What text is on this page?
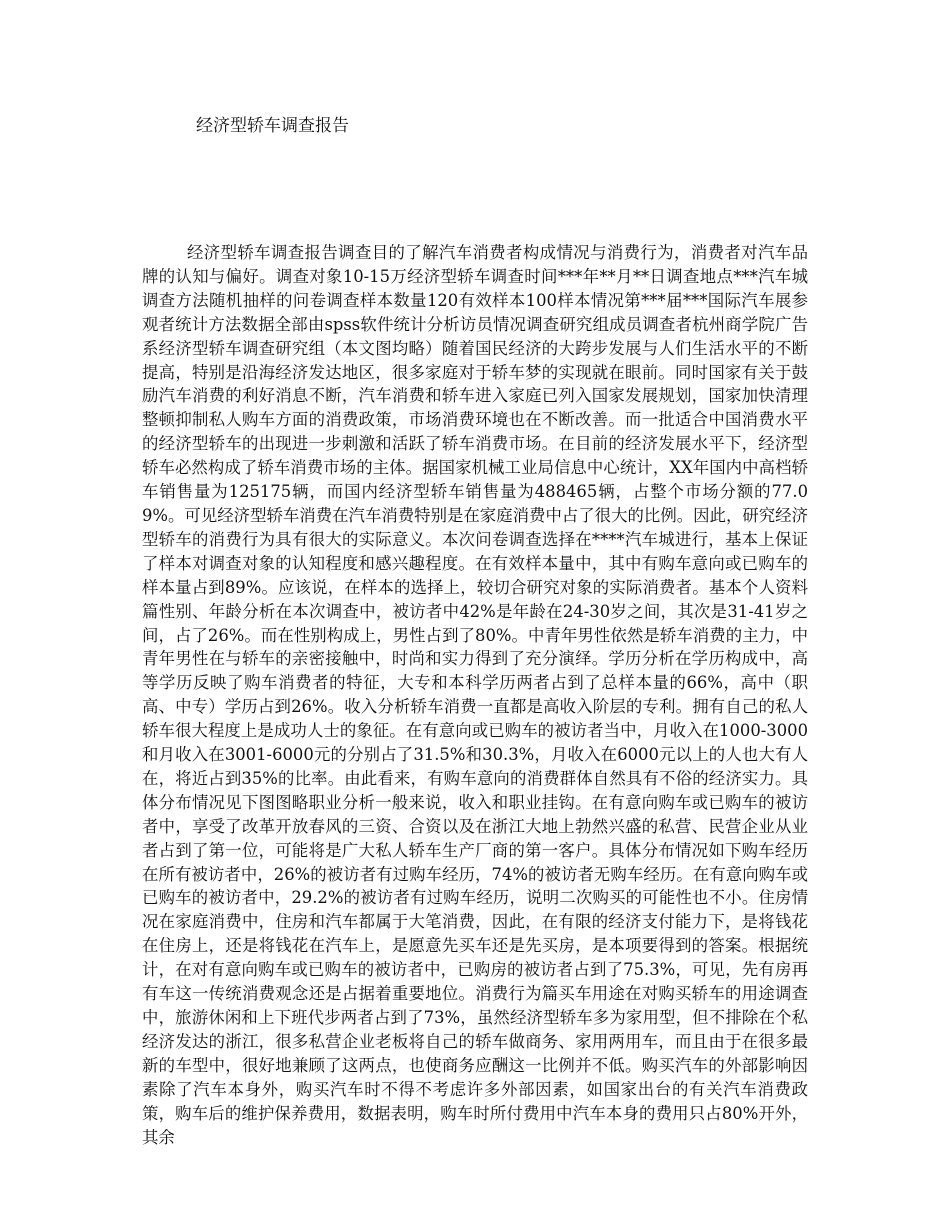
经济型轿车调查报告

经济型轿车调查报告调查目的了解汽车消费者构成情况与消费行为，消费者对汽车品牌的认知与偏好。调查对象10-15万经济型轿车调查时间***年**月**日调查地点***汽车城调查方法随机抽样的问卷调查样本数量120有效样本100样本情况第***届***国际汽车展参观者统计方法数据全部由spss软件统计分析访员情况调查研究组成员调查者杭州商学院广告系经济型轿车调查研究组（本文图均略）随着国民经济的大跨步发展与人们生活水平的不断提高，特别是沿海经济发达地区，很多家庭对于轿车梦的实现就在眼前。同时国家有关于鼓励汽车消费的利好消息不断，汽车消费和轿车进入家庭已列入国家发展规划，国家加快清理整顿抑制私人购车方面的消费政策，市场消费环境也在不断改善。而一批适合中国消费水平的经济型轿车的出现进一步刺激和活跃了轿车消费市场。在目前的经济发展水平下，经济型轿车必然构成了轿车消费市场的主体。据国家机械工业局信息中心统计，XX年国内中高档轿车销售量为125175辆，而国内经济型轿车销售量为488465辆，占整个市场分额的77.09%。可见经济型轿车消费在汽车消费特别是在家庭消费中占了很大的比例。因此，研究经济型轿车的消费行为具有很大的实际意义。本次问卷调查选择在****汽车城进行，基本上保证了样本对调查对象的认知程度和感兴趣程度。在有效样本量中，其中有购车意向或已购车的样本量占到89%。应该说，在样本的选择上，较切合研究对象的实际消费者。基本个人资料篇性别、年龄分析在本次调查中，被访者中42%是年龄在24-30岁之间，其次是31-41岁之间，占了26%。而在性别构成上，男性占到了80%。中青年男性依然是轿车消费的主力，中青年男性在与轿车的亲密接触中，时尚和实力得到了充分演绎。学历分析在学历构成中，高等学历反映了购车消费者的特征，大专和本科学历两者占到了总样本量的66%，高中（职高、中专）学历占到26%。收入分析轿车消费一直都是高收入阶层的专利。拥有自己的私人轿车很大程度上是成功人士的象征。在有意向或已购车的被访者当中，月收入在1000-3000和月收入在3001-6000元的分别占了31.5%和30.3%，月收入在6000元以上的人也大有人在，将近占到35%的比率。由此看来，有购车意向的消费群体自然具有不俗的经济实力。具体分布情况见下图图略职业分析一般来说，收入和职业挂钩。在有意向购车或已购车的被访者中，享受了改革开放春风的三资、合资以及在浙江大地上勃然兴盛的私营、民营企业从业者占到了第一位，可能将是广大私人轿车生产厂商的第一客户。具体分布情况如下购车经历在所有被访者中，26%的被访者有过购车经历，74%的被访者无购车经历。在有意向购车或已购车的被访者中，29.2%的被访者有过购车经历，说明二次购买的可能性也不小。住房情况在家庭消费中，住房和汽车都属于大笔消费，因此，在有限的经济支付能力下，是将钱花在住房上，还是将钱花在汽车上，是愿意先买车还是先买房，是本项要得到的答案。根据统计，在对有意向购车或已购车的被访者中，已购房的被访者占到了75.3%，可见，先有房再有车这一传统消费观念还是占据着重要地位。消费行为篇买车用途在对购买轿车的用途调查中，旅游休闲和上下班代步两者占到了73%，虽然经济型轿车多为家用型，但不排除在个私经济发达的浙江，很多私营企业老板将自己的轿车做商务、家用两用车，而且由于在很多最新的车型中，很好地兼顾了这两点，也使商务应酬这一比例并不低。购买汽车的外部影响因素除了汽车本身外，购买汽车时不得不考虑许多外部因素，如国家出台的有关汽车消费政策，购车后的维护保养费用，数据表明，购车时所付费用中汽车本身的费用只占80%开外，其余
